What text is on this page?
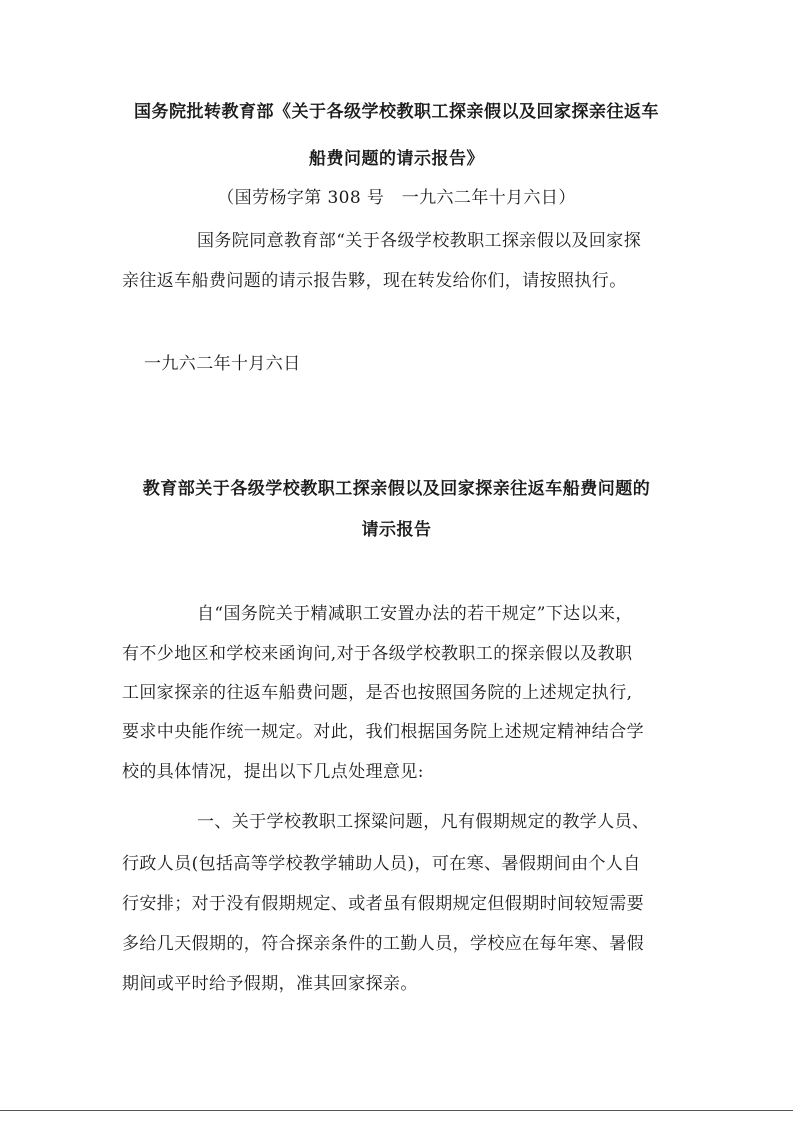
国务院批转教育部《关于各级学校教职工探亲假以及回家探亲往返车
船费问题的请示报告》
（国劳杨字第 308 号　一九六二年十月六日）
国务院同意教育部“关于各级学校教职工探亲假以及回家探
亲往返车船费问题的请示报告夥，现在转发给你们，请按照执行。
一九六二年十月六日
教育部关于各级学校教职工探亲假以及回家探亲往返车船费问题的
请示报告
自“国务院关于精减职工安置办法的若干规定”下达以来，
有不少地区和学校来函询问,对于各级学校教职工的探亲假以及教职
工回家探亲的往返车船费问题，是否也按照国务院的上述规定执行,
要求中央能作统一规定。对此，我们根据国务院上述规定精神结合学
校的具体情况，提出以下几点处理意见:
一、关于学校教职工探粱问题，凡有假期规定的教学人员、
行政人员(包括高等学校教学辅助人员)，可在寒、暑假期间由个人自
行安排；对于没有假期规定、或者虽有假期规定但假期时间较短需要
多给几天假期的，符合探亲条件的工勤人员，学校应在每年寒、暑假
期间或平时给予假期，准其回家探亲。
